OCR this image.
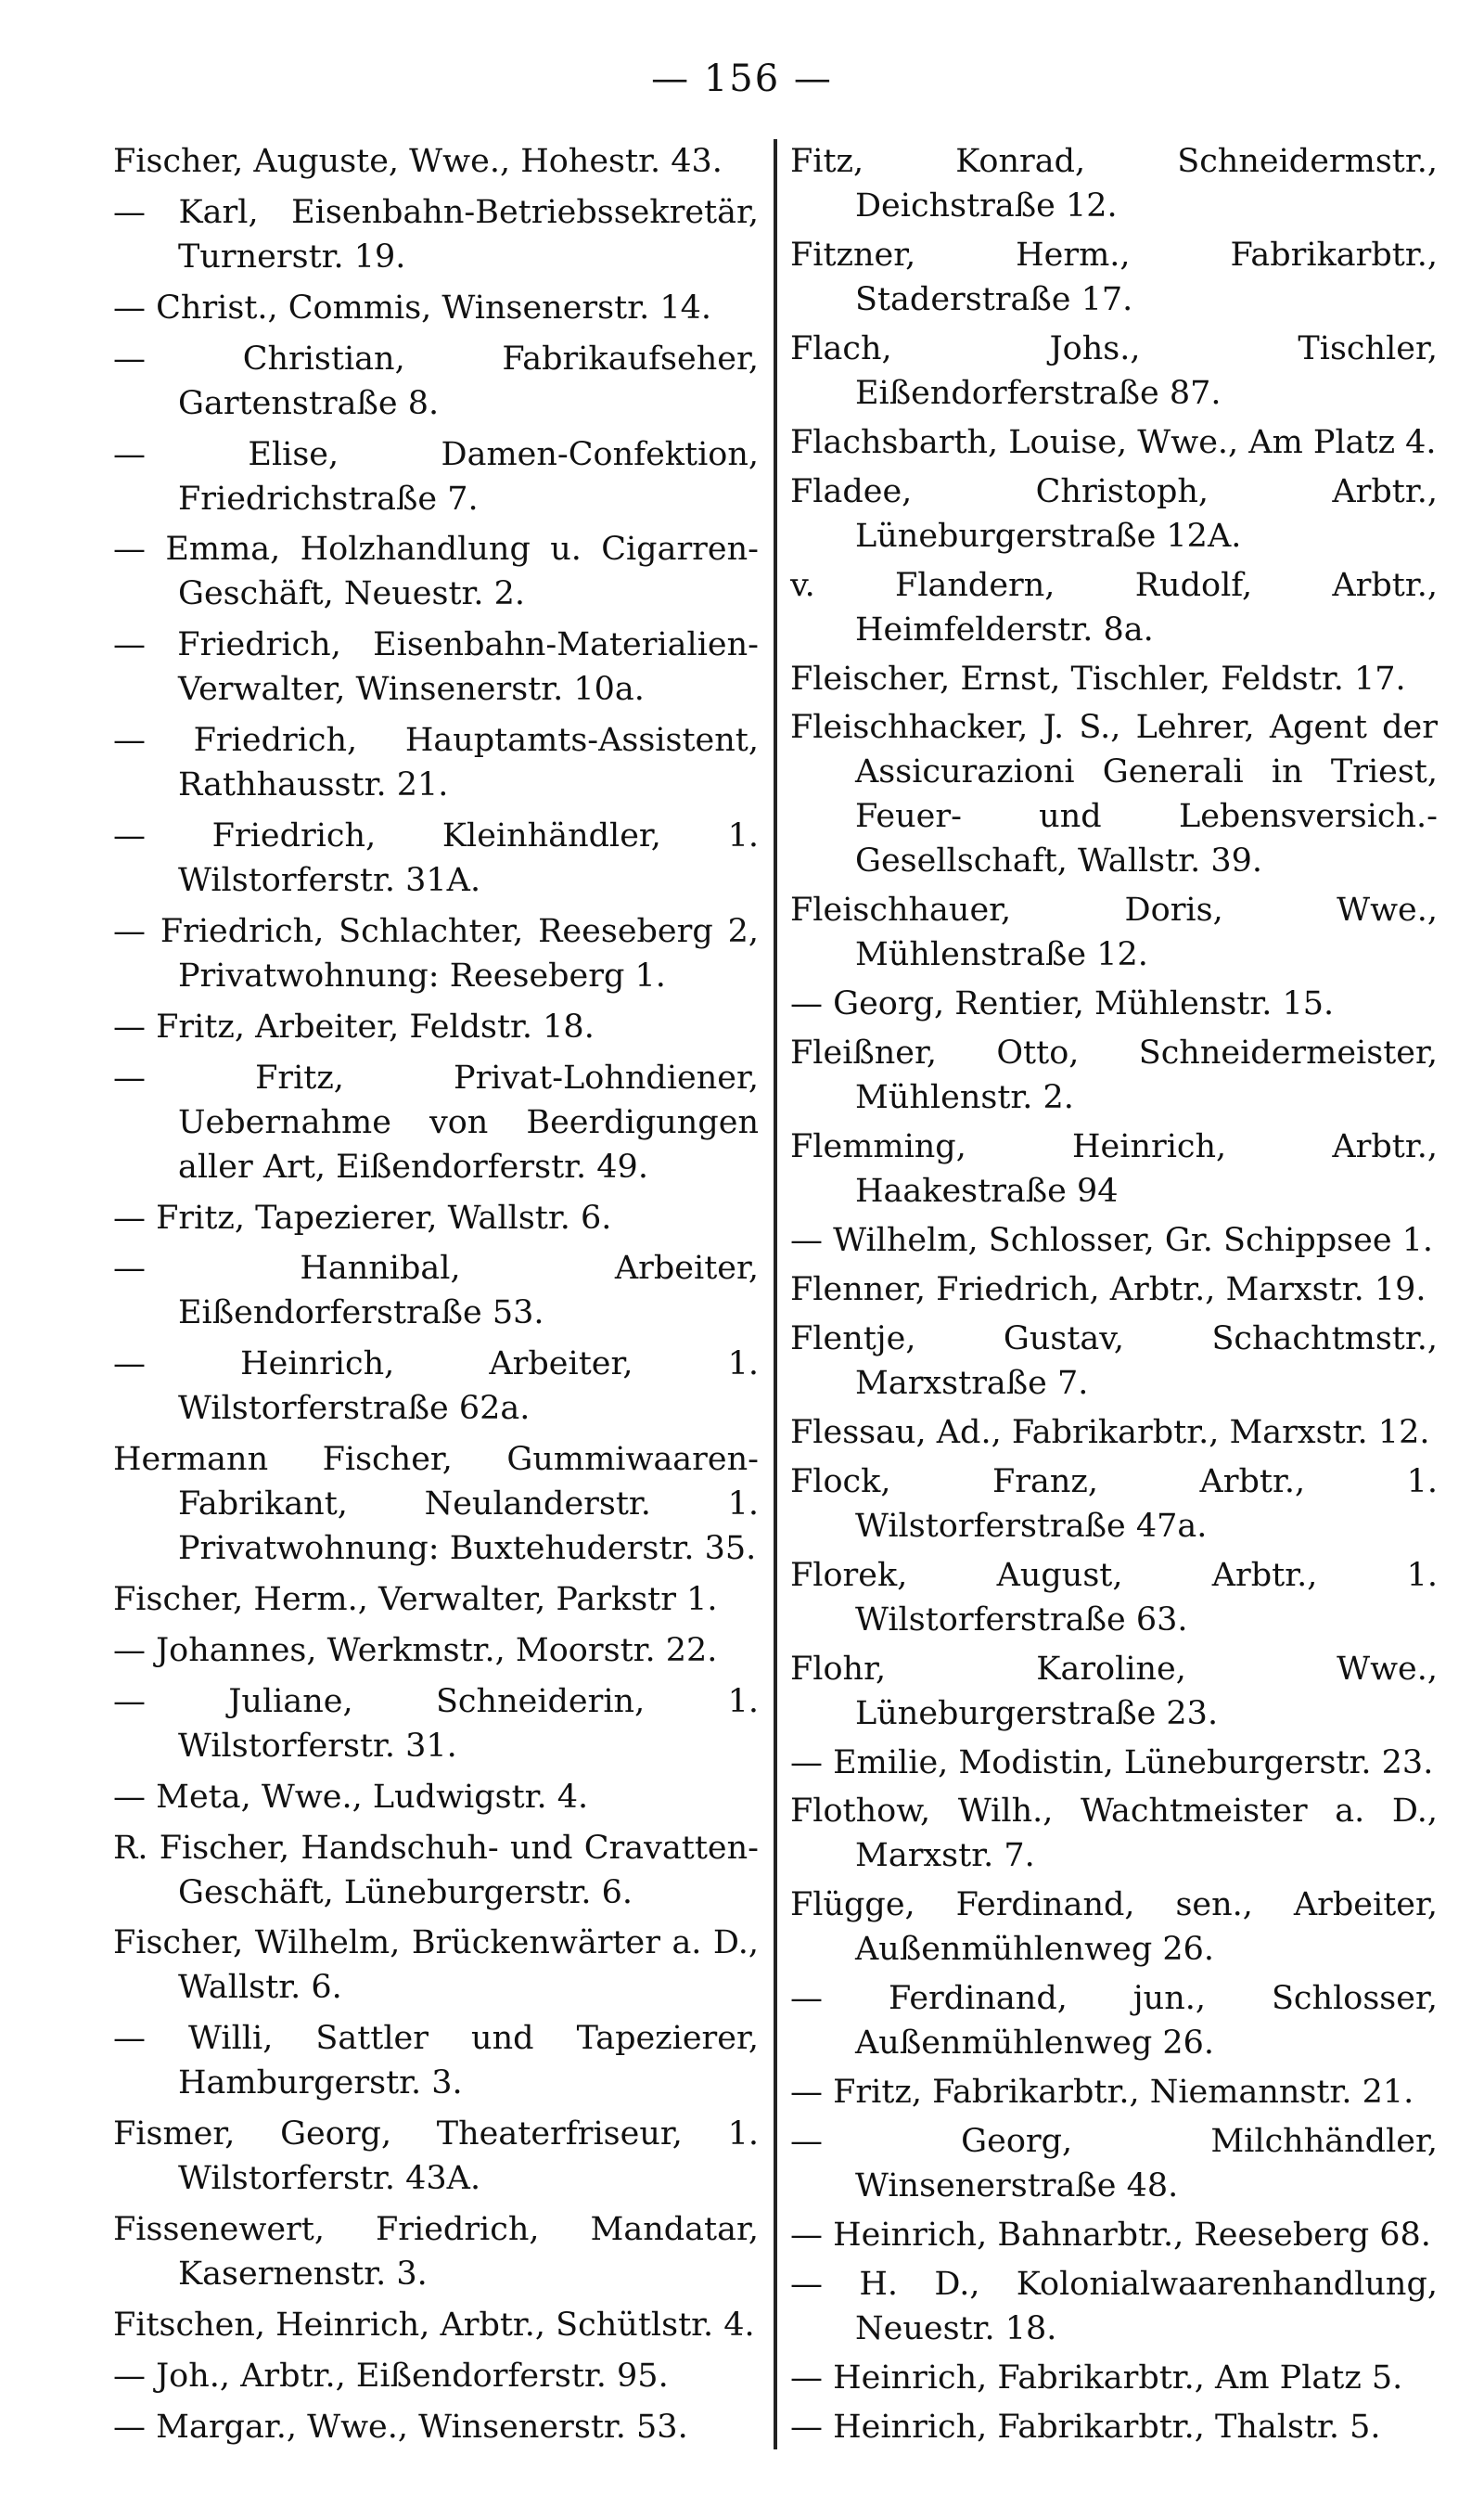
— 156 —

Fischer, Auguste, Wwe., Hohestr. 43.

— Karl, Eisenbahn-Betriebssekretär, Turnerstr. 19.

— Christ., Commis, Winsenerstr. 14.

— Christian, Fabrikaufseher, Gartenstraße 8.

— Elise, Damen-Confektion, Friedrichstraße 7.

— Emma, Holzhandlung u. Cigarren-Geschäft, Neuestr. 2.

— Friedrich, Eisenbahn-Materialien-Verwalter, Winsenerstr. 10a.

— Friedrich, Hauptamts-Assistent, Rathhausstr. 21.

— Friedrich, Kleinhändler, 1. Wilstorferstr. 31A.

— Friedrich, Schlachter, Reeseberg 2, Privatwohnung: Reeseberg 1.

— Fritz, Arbeiter, Feldstr. 18.

— Fritz, Privat-Lohndiener, Uebernahme von Beerdigungen aller Art, Eißendorferstr. 49.

— Fritz, Tapezierer, Wallstr. 6.

— Hannibal, Arbeiter, Eißendorferstraße 53.

— Heinrich, Arbeiter, 1. Wilstorferstraße 62a.

Hermann Fischer, Gummiwaaren-Fabrikant, Neulanderstr. 1. Privatwohnung: Buxtehuderstr. 35.

Fischer, Herm., Verwalter, Parkstr 1.

— Johannes, Werkmstr., Moorstr. 22.

— Juliane, Schneiderin, 1. Wilstorferstr. 31.

— Meta, Wwe., Ludwigstr. 4.

R. Fischer, Handschuh- und Cravatten-Geschäft, Lüneburgerstr. 6.

Fischer, Wilhelm, Brückenwärter a. D., Wallstr. 6.

— Willi, Sattler und Tapezierer, Hamburgerstr. 3.

Fismer, Georg, Theaterfriseur, 1. Wilstorferstr. 43A.

Fissenewert, Friedrich, Mandatar, Kasernenstr. 3.

Fitschen, Heinrich, Arbtr., Schütlstr. 4.

— Joh., Arbtr., Eißendorferstr. 95.

— Margar., Wwe., Winsenerstr. 53.

Fitz, Konrad, Schneidermstr., Deichstraße 12.

Fitzner, Herm., Fabrikarbtr., Staderstraße 17.

Flach, Johs., Tischler, Eißendorferstraße 87.

Flachsbarth, Louise, Wwe., Am Platz 4.

Fladee, Christoph, Arbtr., Lüneburgerstraße 12A.

v. Flandern, Rudolf, Arbtr., Heimfelderstr. 8a.

Fleischer, Ernst, Tischler, Feldstr. 17.

Fleischhacker, J. S., Lehrer, Agent der Assicurazioni Generali in Triest, Feuer- und Lebensversich.-Gesellschaft, Wallstr. 39.

Fleischhauer, Doris, Wwe., Mühlenstraße 12.

— Georg, Rentier, Mühlenstr. 15.

Fleißner, Otto, Schneidermeister, Mühlenstr. 2.

Flemming, Heinrich, Arbtr., Haakestraße 94

— Wilhelm, Schlosser, Gr. Schippsee 1.

Flenner, Friedrich, Arbtr., Marxstr. 19.

Flentje, Gustav, Schachtmstr., Marxstraße 7.

Flessau, Ad., Fabrikarbtr., Marxstr. 12.

Flock, Franz, Arbtr., 1. Wilstorferstraße 47a.

Florek, August, Arbtr., 1. Wilstorferstraße 63.

Flohr, Karoline, Wwe., Lüneburgerstraße 23.

— Emilie, Modistin, Lüneburgerstr. 23.

Flothow, Wilh., Wachtmeister a. D., Marxstr. 7.

Flügge, Ferdinand, sen., Arbeiter, Außenmühlenweg 26.

— Ferdinand, jun., Schlosser, Außenmühlenweg 26.

— Fritz, Fabrikarbtr., Niemannstr. 21.

— Georg, Milchhändler, Winsenerstraße 48.

— Heinrich, Bahnarbtr., Reeseberg 68.

— H. D., Kolonialwaarenhandlung, Neuestr. 18.

— Heinrich, Fabrikarbtr., Am Platz 5.

— Heinrich, Fabrikarbtr., Thalstr. 5.
